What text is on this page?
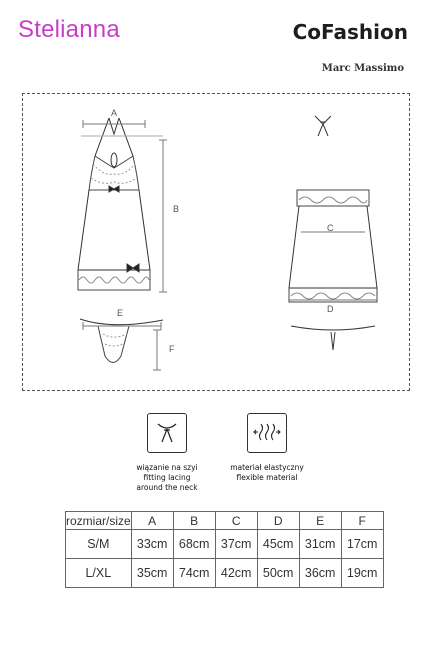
Stelianna	CoFashion
Marc Massimo
A
B
E
F
C
D
wiązanie na szyi
fitting lacing
around the neck
materiał elastyczny
flexible material
rozmiar/size	A	B	C	D	E	F
S/M	33cm	68cm	37cm	45cm	31cm	17cm
L/XL	35cm	74cm	42cm	50cm	36cm	19cm
